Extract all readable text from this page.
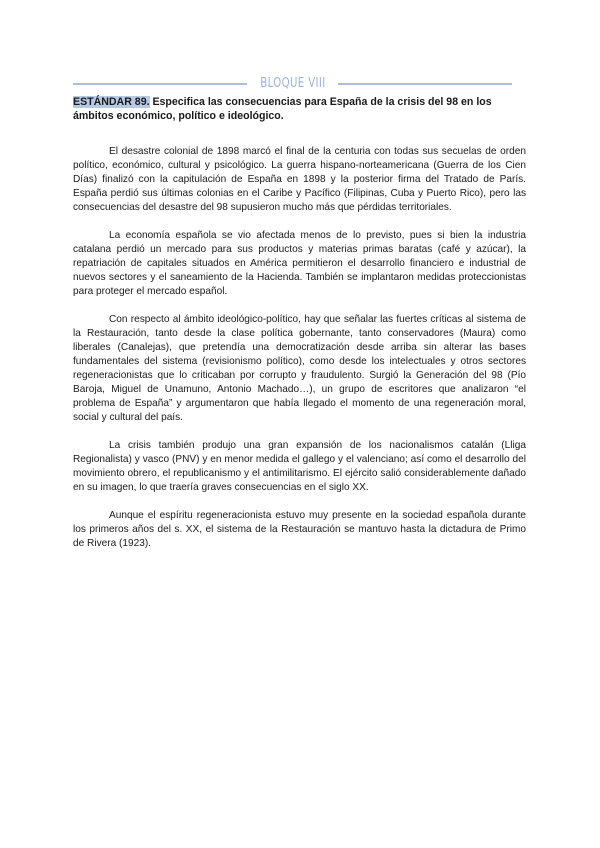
BLOQUE VIII

ESTÁNDAR 89. Especifica las consecuencias para España de la crisis del 98 en los ámbitos económico, político e ideológico.

El desastre colonial de 1898 marcó el final de la centuria con todas sus secuelas de orden político, económico, cultural y psicológico. La guerra hispano-norteamericana (Guerra de los Cien Días) finalizó con la capitulación de España en 1898 y la posterior firma del Tratado de París. España perdió sus últimas colonias en el Caribe y Pacífico (Filipinas, Cuba y Puerto Rico), pero las consecuencias del desastre del 98 supusieron mucho más que pérdidas territoriales.

La economía española se vio afectada menos de lo previsto, pues si bien la industria catalana perdió un mercado para sus productos y materias primas baratas (café y azúcar), la repatriación de capitales situados en América permitieron el desarrollo financiero e industrial de nuevos sectores y el saneamiento de la Hacienda. También se implantaron medidas proteccionistas para proteger el mercado español.

Con respecto al ámbito ideológico-político, hay que señalar las fuertes críticas al sistema de la Restauración, tanto desde la clase política gobernante, tanto conservadores (Maura) como liberales (Canalejas), que pretendía una democratización desde arriba sin alterar las bases fundamentales del sistema (revisionismo político), como desde los intelectuales y otros sectores regeneracionistas que lo criticaban por corrupto y fraudulento. Surgió la Generación del 98 (Pío Baroja, Miguel de Unamuno, Antonio Machado…), un grupo de escritores que analizaron “el problema de España” y argumentaron que había llegado el momento de una regeneración moral, social y cultural del país.

La crisis también produjo una gran expansión de los nacionalismos catalán (Lliga Regionalista) y vasco (PNV) y en menor medida el gallego y el valenciano; así como el desarrollo del movimiento obrero, el republicanismo y el antimilitarismo. El ejército salió considerablemente dañado en su imagen, lo que traería graves consecuencias en el siglo XX.

Aunque el espíritu regeneracionista estuvo muy presente en la sociedad española durante los primeros años del s. XX, el sistema de la Restauración se mantuvo hasta la dictadura de Primo de Rivera (1923).
